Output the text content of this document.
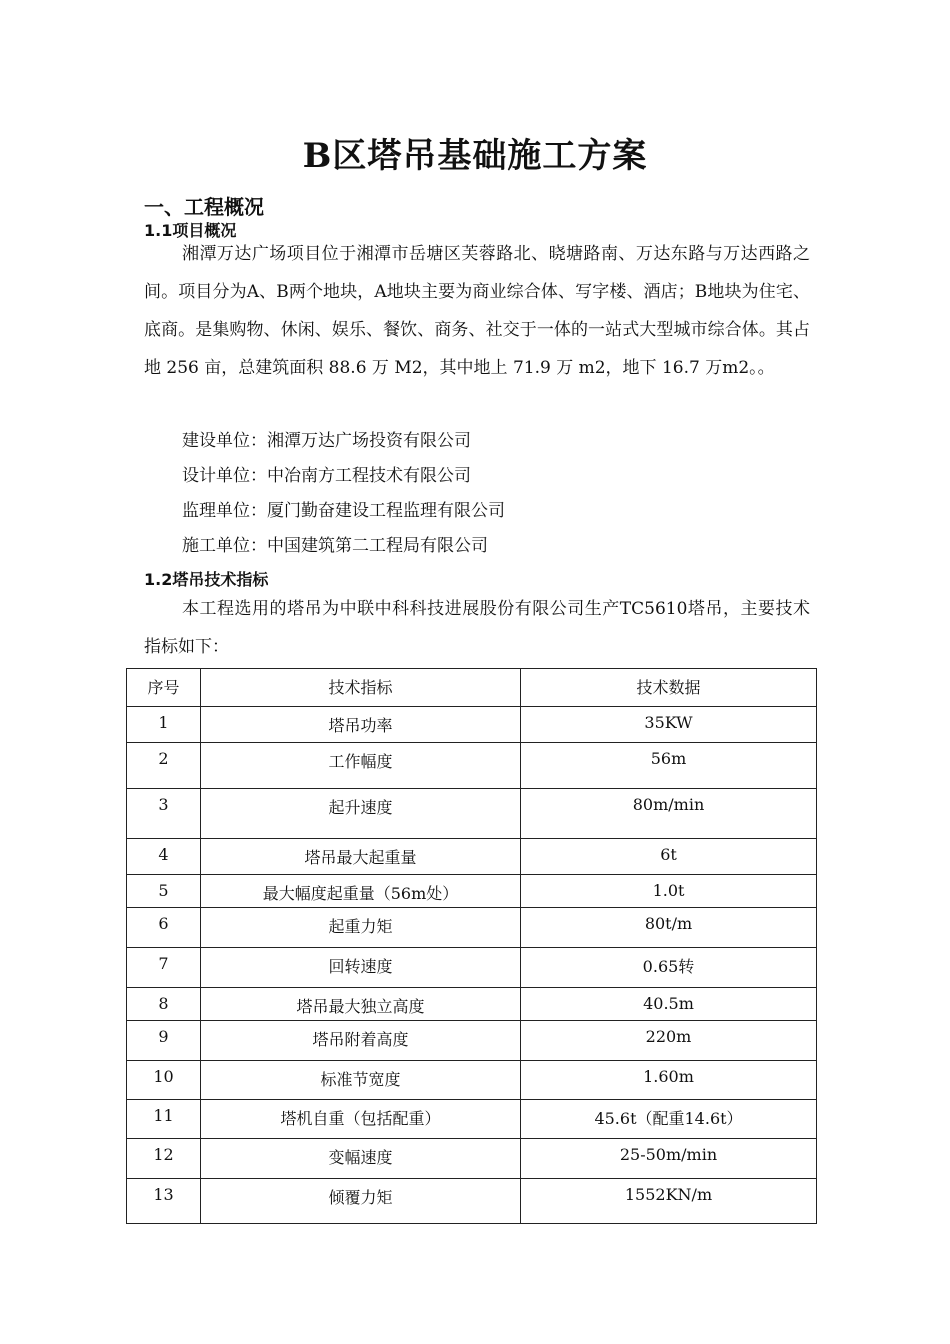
B区塔吊基础施工方案
一、工程概况
1.1项目概况

湘潭万达广场项目位于湘潭市岳塘区芙蓉路北、晓塘路南、万达东路与万达西路之间。项目分为A、B两个地块，A地块主要为商业综合体、写字楼、酒店；B地块为住宅、底商。是集购物、休闲、娱乐、餐饮、商务、社交于一体的一站式大型城市综合体。其占地 256 亩，总建筑面积 88.6 万 M2，其中地上 71.9 万 m2，地下 16.7 万m2。。

建设单位：湘潭万达广场投资有限公司
设计单位：中冶南方工程技术有限公司
监理单位：厦门勤奋建设工程监理有限公司
施工单位：中国建筑第二工程局有限公司
1.2塔吊技术指标

本工程选用的塔吊为中联中科科技进展股份有限公司生产TC5610塔吊，主要技术指标如下：

序号	技术指标	技术数据
1	塔吊功率	35KW
2	工作幅度	56m
3	起升速度	80m/min
4	塔吊最大起重量	6t
5	最大幅度起重量（56m处）	1.0t
6	起重力矩	80t/m
7	回转速度	0.65转
8	塔吊最大独立高度	40.5m
9	塔吊附着高度	220m
10	标准节宽度	1.60m
11	塔机自重（包括配重）	45.6t（配重14.6t）
12	变幅速度	25-50m/min
13	倾覆力矩	1552KN/m
